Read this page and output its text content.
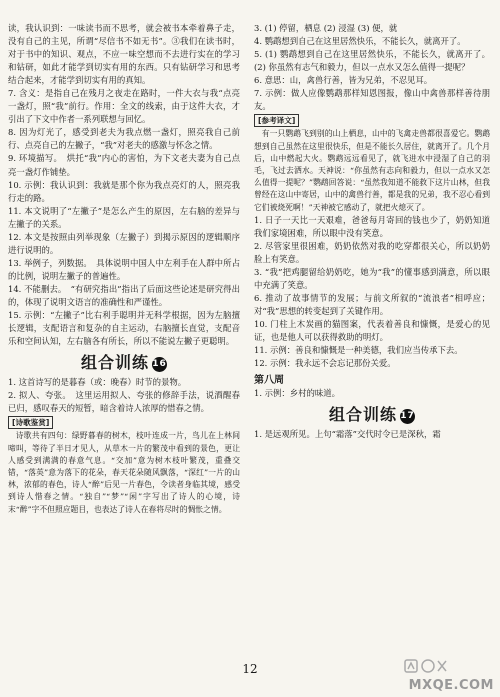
读，我认识到：一味读书而不思考，就会被书本牵着鼻子走，没有自己的主见，所谓“尽信书不如无书”。③我们在读书时，对于书中的知识、观点，不应一味空想而不去进行实在的学习和钻研，如此才能学到切实有用的东西。只有钻研学习和思考结合起来，才能学到切实有用的真知。

7. 含义：是指自己在残月之夜走在路时，一件大衣与我“点亮一盏灯，照“我”前行。作用：全文的线索，由于这件大衣，才引出了下文中作者一系列联想与回忆。

8. 因为灯光了，感受到老夫为我点燃一盏灯，照亮我自己前行、点亮自己的左撇子，“我”对老夫的感激与怀念之情。

9. 环境描写。　烘托“我”内心的害怕，为下文老夫妻为自己点亮一盏灯作铺垫。

10. 示例：我认识到：我就是那个你为我点亮灯的人，照亮我行走的路。

11. 本文说明了“左撇子”是怎么产生的原因，左右脑的差异与左撇子的关系。

12. 本文是按照由列举现象（左撇子）到揭示原因的逻辑顺序进行说明的。

13. 举例子，列数据。　具体说明中国人中左利手在人群中所占的比例，说明左撇子的普遍性。

14. 不能删去。　“有研究指出”指出了后面这些论述是研究得出的，体现了说明文语言的准确性和严谨性。

15. 示例：“左撇子”比右利手聪明并无科学根据，因为左脑擅长逻辑，支配语言和复杂的自主运动，右脑擅长直觉，支配音乐和空间认知，左右脑各有所长，所以不能说左撇子更聪明。

组合训练 16

1. 这首诗写的是暮春（或：晚春）时节的景物。

2. 拟人、夸张。　这里运用拟人、夸张的修辞手法，说酒醒春已归，感叹春天的短暂，暗含着诗人浓厚的惜春之情。

[诗歌鉴赏]

诗歌共有四句：绿野暮春的树木，枝叶连成一片，鸟儿在上林间啼叫，等待了半日才见人，从草木一片的繁茂中看到的景色，更让人感受到满满的春意气息。“交加”意为树木枝叶繁茂，重叠交错，“落英”意为落下的花朵，春天花朵随风飘落，“深红”一片的山林，浓郁的春色，诗人“醉”后见一片春色，令读者身临其境，感受到诗人惜春之情。“独自”“梦”“闲”字写出了诗人的心境，诗末“醉”字不但照应题目，也表达了诗人在春将尽时的惆怅之情。

3. (1) 停留，栖息 (2) 浸湿 (3) 便，就

4. 鹦鹉想到自己在这里居然快乐，不能长久，就离开了。

5. (1) 鹦鹉想到自己在这里居然快乐，不能长久，就离开了。(2) 你虽然有志气和毅力，但以一点水又怎么值得一提呢？

6. 意思：山，禽兽行善，皆为兄弟，不忍见耳。

7. 示例：做人应像鹦鹉那样知恩图报，像山中禽兽那样善待朋友。

[参考译文]

有一只鹦鹉飞到别的山上栖息，山中的飞禽走兽都很喜爱它。鹦鹉想到自己虽然在这里很快乐，但是不能长久居住，就离开了。几个月后，山中燃起大火。鹦鹉远远看见了，就飞进水中浸湿了自己的羽毛，飞过去洒水。天神说：“你虽然有志向和毅力，但以一点水又怎么值得一提呢？”鹦鹉回答说：“虽然我知道不能救下这片山林，但我曾经在这山中寄居，山中的禽兽行善，都是我的兄弟，我不忍心看到它们被烧死啊！”天神被它感动了，就把火熄灭了。

1. 日子一天比一天艰难，爸爸每月寄回的钱也少了，奶奶知道我们家境困难，所以眼中没有笑意。

2. 尽管家里很困难，奶奶依然对我的吃穿都很关心，所以奶奶脸上有笑意。

3. “我”把鸡腿留给奶奶吃，她为“我”的懂事感到满意，所以眼中充满了笑意。

6. 推动了故事情节的发展；与前文所叙的“流浪者”相呼应；对“我”思想的转变起到了关键作用。

10. 门柱上木炭画的猫图案，代表着善良和慷慨，是爱心的见证，也是他人可以获得救助的明灯。

11. 示例：善良和慷慨是一种美德，我们应当传承下去。

12. 示例：我永远不会忘记那份关爱。

第八周

1. 示例：乡村的味道。

组合训练 17

1. 是远观所见。上句“霜落”交代时令已是深秋，霜

12
MXQE.COM
